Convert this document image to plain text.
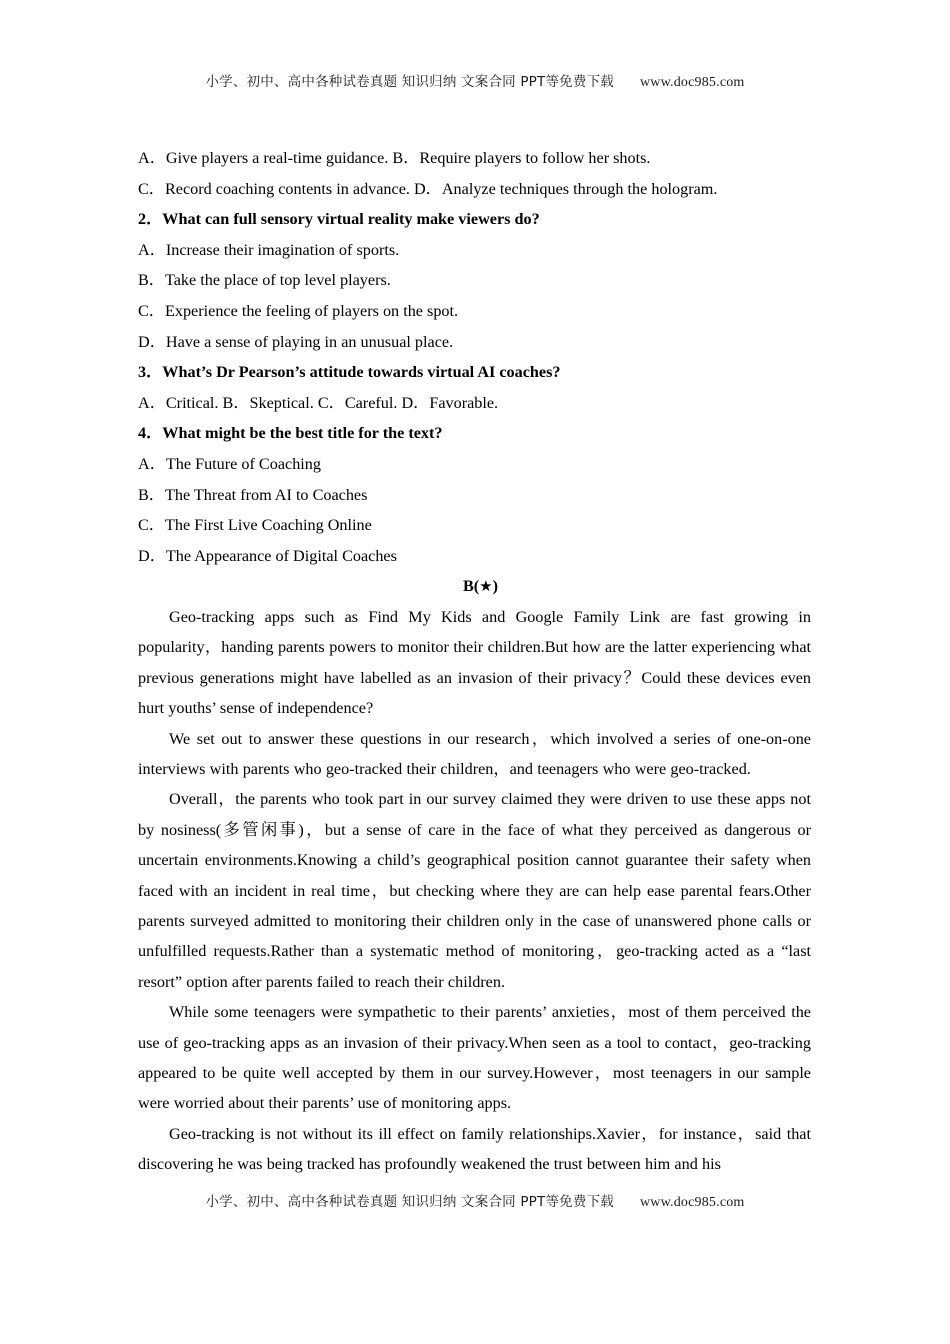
小学、初中、高中各种试卷真题 知识归纳 文案合同 PPT等免费下载 www.doc985.com

A．Give players a real-time guidance. B．Require players to follow her shots.

C．Record coaching contents in advance. D．Analyze techniques through the hologram.

2．What can full sensory virtual reality make viewers do?

A．Increase their imagination of sports.

B．Take the place of top level players.

C．Experience the feeling of players on the spot.

D．Have a sense of playing in an unusual place.

3．What’s Dr Pearson’s attitude towards virtual AI coaches?

A．Critical. B．Skeptical. C．Careful. D．Favorable.

4．What might be the best title for the text?

A．The Future of Coaching

B．The Threat from AI to Coaches

C．The First Live Coaching Online

D．The Appearance of Digital Coaches

B(★)

Geo-tracking apps such as Find My Kids and Google Family Link are fast growing in popularity，handing parents powers to monitor their children.But how are the latter experiencing what previous generations might have labelled as an invasion of their privacy？Could these devices even hurt youths’ sense of independence?

We set out to answer these questions in our research，which involved a series of one-on-one interviews with parents who geo-tracked their children，and teenagers who were geo-tracked.

Overall，the parents who took part in our survey claimed they were driven to use these apps not by nosiness(多管闲事)，but a sense of care in the face of what they perceived as dangerous or uncertain environments.Knowing a child’s geographical position cannot guarantee their safety when faced with an incident in real time，but checking where they are can help ease parental fears.Other parents surveyed admitted to monitoring their children only in the case of unanswered phone calls or unfulfilled requests.Rather than a systematic method of monitoring，geo-tracking acted as a “last resort” option after parents failed to reach their children.

While some teenagers were sympathetic to their parents’ anxieties，most of them perceived the use of geo-tracking apps as an invasion of their privacy.When seen as a tool to contact，geo-tracking appeared to be quite well accepted by them in our survey.However，most teenagers in our sample were worried about their parents’ use of monitoring apps.

Geo-tracking is not without its ill effect on family relationships.Xavier，for instance，said that discovering he was being tracked has profoundly weakened the trust between him and his

小学、初中、高中各种试卷真题 知识归纳 文案合同 PPT等免费下载 www.doc985.com
